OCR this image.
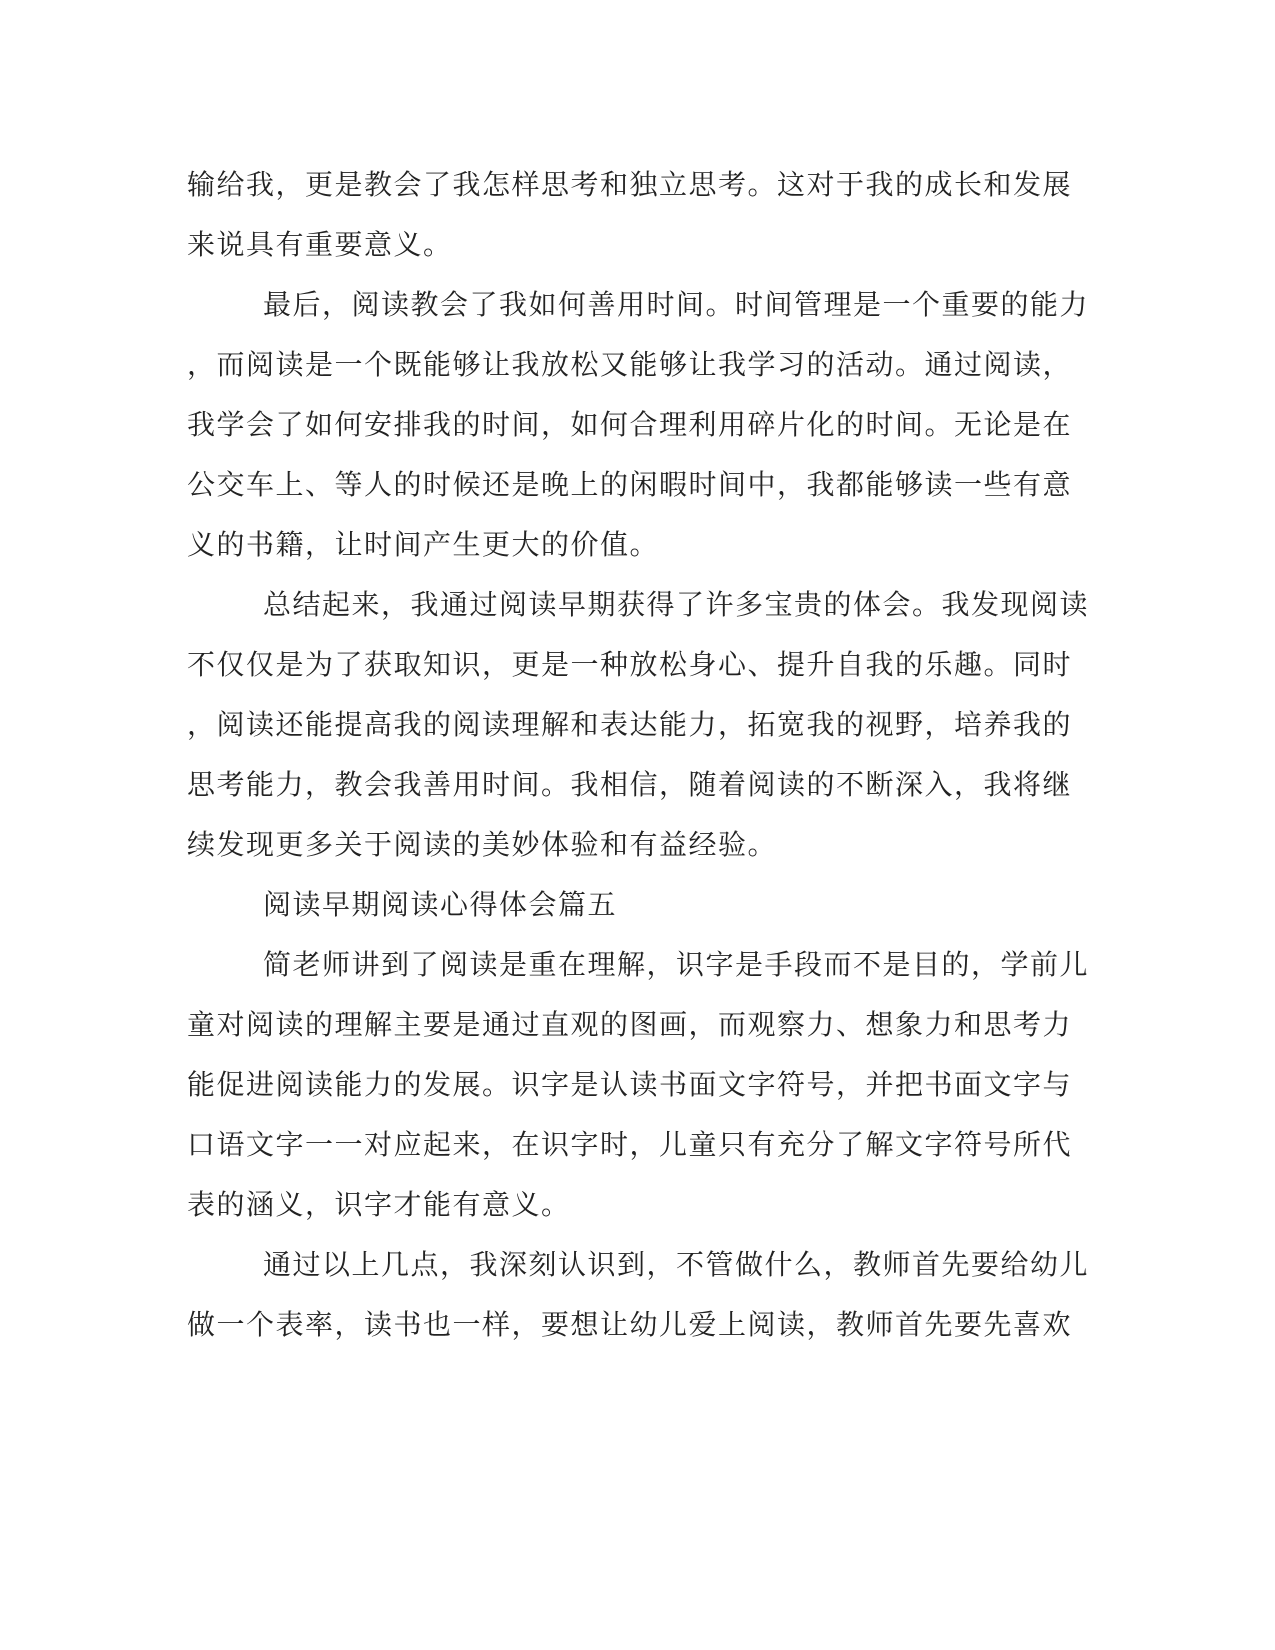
输给我，更是教会了我怎样思考和独立思考。这对于我的成长和发展
来说具有重要意义。
最后，阅读教会了我如何善用时间。时间管理是一个重要的能力
，而阅读是一个既能够让我放松又能够让我学习的活动。通过阅读，
我学会了如何安排我的时间，如何合理利用碎片化的时间。无论是在
公交车上、等人的时候还是晚上的闲暇时间中，我都能够读一些有意
义的书籍，让时间产生更大的价值。
总结起来，我通过阅读早期获得了许多宝贵的体会。我发现阅读
不仅仅是为了获取知识，更是一种放松身心、提升自我的乐趣。同时
，阅读还能提高我的阅读理解和表达能力，拓宽我的视野，培养我的
思考能力，教会我善用时间。我相信，随着阅读的不断深入，我将继
续发现更多关于阅读的美妙体验和有益经验。
阅读早期阅读心得体会篇五
简老师讲到了阅读是重在理解，识字是手段而不是目的，学前儿
童对阅读的理解主要是通过直观的图画，而观察力、想象力和思考力
能促进阅读能力的发展。识字是认读书面文字符号，并把书面文字与
口语文字一一对应起来，在识字时，儿童只有充分了解文字符号所代
表的涵义，识字才能有意义。
通过以上几点，我深刻认识到，不管做什么，教师首先要给幼儿
做一个表率，读书也一样，要想让幼儿爱上阅读，教师首先要先喜欢
